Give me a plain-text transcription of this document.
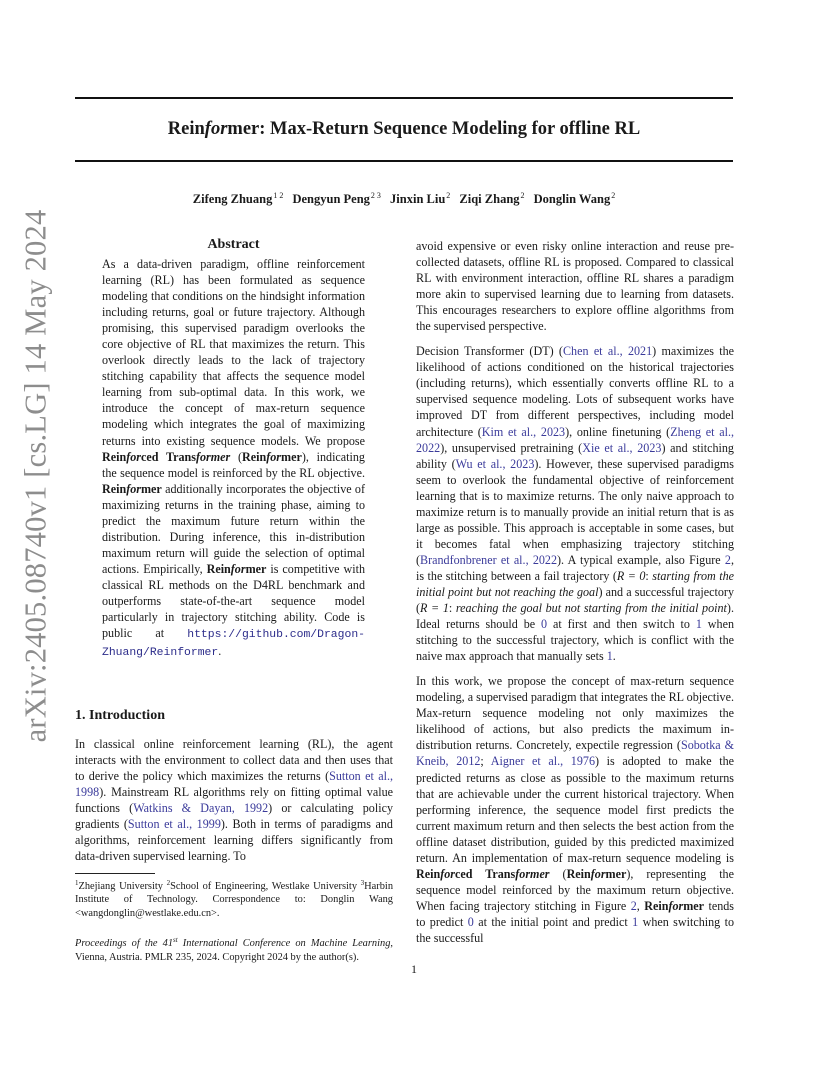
arXiv:2405.08740v1 [cs.LG] 14 May 2024
Reinformer: Max-Return Sequence Modeling for offline RL
Zifeng Zhuang$^{1 2}$ Dengyun Peng$^{2 3}$ Jinxin Liu$^2$ Ziqi Zhang$^2$ Donglin Wang$^2$
Abstract

As a data-driven paradigm, offline reinforcement learning (RL) has been formulated as sequence modeling that conditions on the hindsight information including returns, goal or future trajectory. Although promising, this supervised paradigm overlooks the core objective of RL that maximizes the return. This overlook directly leads to the lack of trajectory stitching capability that affects the sequence model learning from sub-optimal data. In this work, we introduce the concept of max-return sequence modeling which integrates the goal of maximizing returns into existing sequence models. We propose Reinforced Transformer (Reinformer), indicating the sequence model is reinforced by the RL objective. Reinformer additionally incorporates the objective of maximizing returns in the training phase, aiming to predict the maximum future return within the distribution. During inference, this in-distribution maximum return will guide the selection of optimal actions. Empirically, Reinformer is competitive with classical RL methods on the D4RL benchmark and outperforms state-of-the-art sequence model particularly in trajectory stitching ability. Code is public at https://github.com/Dragon-Zhuang/Reinformer.

1. Introduction

In classical online reinforcement learning (RL), the agent interacts with the environment to collect data and then uses that to derive the policy which maximizes the returns (Sutton et al., 1998). Mainstream RL algorithms rely on fitting optimal value functions (Watkins & Dayan, 1992) or calculating policy gradients (Sutton et al., 1999). Both in terms of paradigms and algorithms, reinforcement learning differs significantly from data-driven supervised learning. To

$^1$Zhejiang University $^2$School of Engineering, Westlake University $^3$Harbin Institute of Technology. Correspondence to: Donglin Wang <wangdonglin@westlake.edu.cn>.

Proceedings of the 41st International Conference on Machine Learning, Vienna, Austria. PMLR 235, 2024. Copyright 2024 by the author(s).

avoid expensive or even risky online interaction and reuse pre-collected datasets, offline RL is proposed. Compared to classical RL with environment interaction, offline RL shares a paradigm more akin to supervised learning due to learning from datasets. This encourages researchers to explore offline algorithms from the supervised perspective.

Decision Transformer (DT) (Chen et al., 2021) maximizes the likelihood of actions conditioned on the historical trajectories (including returns), which essentially converts offline RL to a supervised sequence modeling. Lots of subsequent works have improved DT from different perspectives, including model architecture (Kim et al., 2023), online finetuning (Zheng et al., 2022), unsupervised pretraining (Xie et al., 2023) and stitching ability (Wu et al., 2023). However, these supervised paradigms seem to overlook the fundamental objective of reinforcement learning that is to maximize returns. The only naive approach to maximize return is to manually provide an initial return that is as large as possible. This approach is acceptable in some cases, but it becomes fatal when emphasizing trajectory stitching (Brandfonbrener et al., 2022). A typical example, also Figure 2, is the stitching between a fail trajectory (R = 0: starting from the initial point but not reaching the goal) and a successful trajectory (R = 1: reaching the goal but not starting from the initial point). Ideal returns should be 0 at first and then switch to 1 when stitching to the successful trajectory, which is conflict with the naive max approach that manually sets 1.

In this work, we propose the concept of max-return sequence modeling, a supervised paradigm that integrates the RL objective. Max-return sequence modeling not only maximizes the likelihood of actions, but also predicts the maximum in-distribution returns. Concretely, expectile regression (Sobotka & Kneib, 2012; Aigner et al., 1976) is adopted to make the predicted returns as close as possible to the maximum returns that are achievable under the current historical trajectory. When performing inference, the sequence model first predicts the current maximum return and then selects the best action from the offline dataset distribution, guided by this predicted maximized return. An implementation of max-return sequence modeling is Reinforced Transformer (Reinformer), representing the sequence model reinforced by the maximum return objective. When facing trajectory stitching in Figure 2, Reinformer tends to predict 0 at the initial point and predict 1 when switching to the successful

1
